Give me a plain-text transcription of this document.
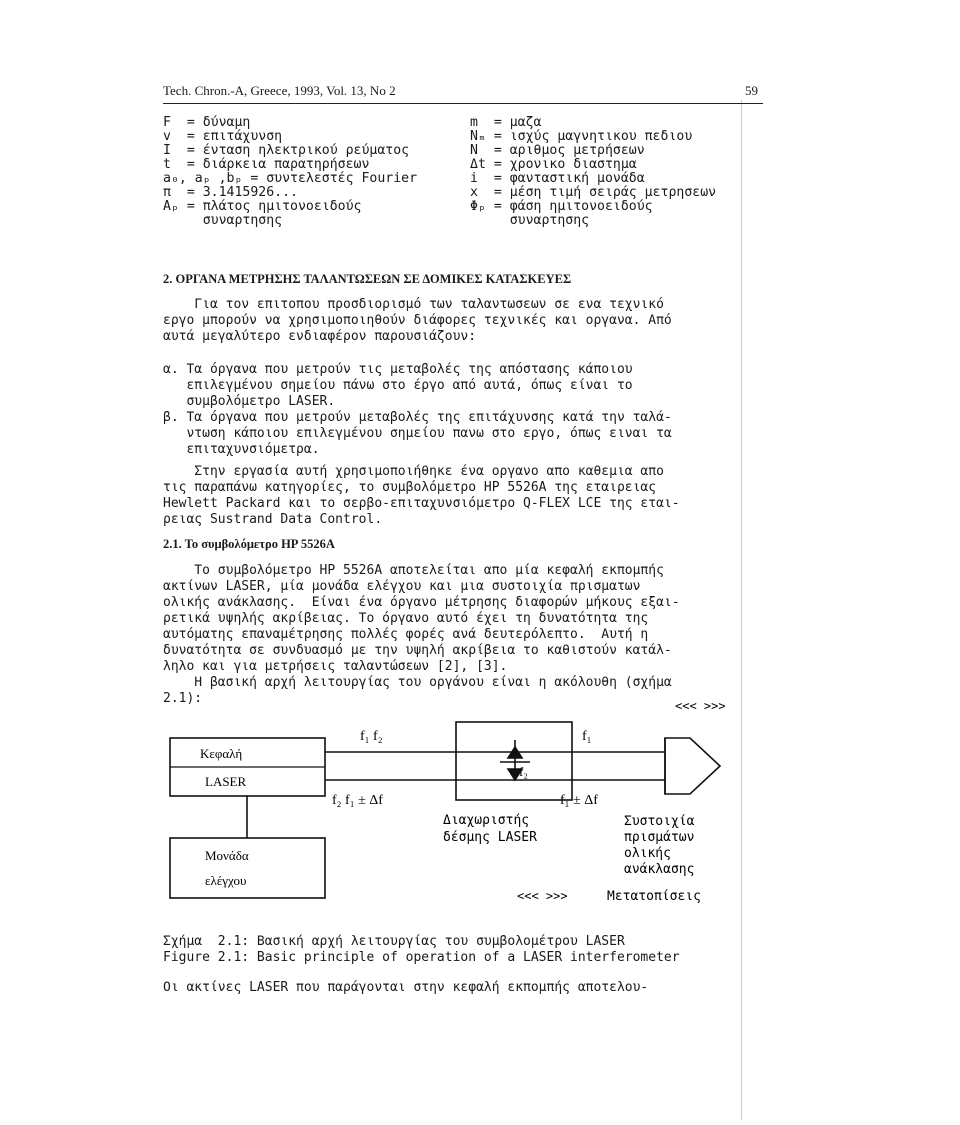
Tech. Chron.-A, Greece, 1993, Vol. 13, No 2	59
F  = δύναμη
v  = επιτάχυνση
I  = ένταση ηλεκτρικού ρεύματος
t  = διάρκεια παρατηρήσεων
a₀, aₚ ,bₚ = συντελεστές Fourier
π  = 3.1415926...
Aₚ = πλάτος ημιτονοειδούς
συναρτησης
m  = μαζα
Nₘ = ισχύς μαγνητικου πεδιου
N  = αριθμος μετρήσεων
Δt = χρονικο διαστημα
i  = φανταστική μονάδα
x  = μέση τιμή σειράς μετρησεων
Φₚ = φάση ημιτονοειδούς
συναρτησης
2. ΟΡΓΑΝΑ ΜΕΤΡΗΣΗΣ ΤΑΛΑΝΤΩΣΕΩΝ ΣΕ ΔΟΜΙΚΕΣ ΚΑΤΑΣΚΕΥΕΣ
Για τον επιτοπου προσδιορισμό των ταλαντωσεων σε ενα τεχνικό
εργο μπορούν να χρησιμοποιηθούν διάφορες τεχνικές και οργανα. Από
αυτά μεγαλύτερο ενδιαφέρον παρουσιάζουν:
α. Τα όργανα που μετρούν τις μεταβολές της απόστασης κάποιου
επιλεγμένου σημείου πάνω στο έργο από αυτά, όπως είναι το
συμβολόμετρο LASER.
β. Τα όργανα που μετρούν μεταβολές της επιτάχυνσης κατά την ταλά-
ντωση κάποιου επιλεγμένου σημείου πανω στο εργο, όπως ειναι τα
επιταχυνσιόμετρα.
Στην εργασία αυτή χρησιμοποιήθηκε ένα οργανο απο καθεμια απο
τις παραπάνω κατηγορίες, το συμβολόμετρο HP 5526A της εταιρειας
Hewlett Packard και το σερβο-επιταχυνσιόμετρο Q-FLEX LCE της εται-
ρειας Sustrand Data Control.
2.1. Το συμβολόμετρο HP 5526A
Το συμβολόμετρο HP 5526A αποτελείται απο μία κεφαλή εκπομπής
ακτίνων LASER, μία μονάδα ελέγχου και μια συστοιχία πρισματων
ολικής ανάκλασης.  Είναι ένα όργανο μέτρησης διαφορών μήκους εξαι-
ρετικά υψηλής ακρίβειας. Το όργανο αυτό έχει τη δυνατότητα της
αυτόματης επαναμέτρησης πολλές φορές ανά δευτερόλεπτο.  Αυτή η
δυνατότητα σε συνδυασμό με την υψηλή ακρίβεια το καθιστούν κατάλ-
ληλο και για μετρήσεις ταλαντώσεων [2], [3].
Η βασική αρχή λειτουργίας του οργάνου είναι η ακόλουθη (σχήμα
2.1):
f₁ f₂
f₂ f₁ ± Δf
f₂
f₁
f₁ ± Δf
Κεφαλή
LASER
Μονάδα
ελέγχου
Διαχωριστής
δέσμης LASER
Συστοιχία
πρισμάτων
ολικής
ανάκλασης
<<< >>>
<<< >>>	Μετατοπίσεις
Σχήμα  2.1: Βασική αρχή λειτουργίας του συμβολομέτρου LASER
Figure 2.1: Basic principle of operation of a LASER interferometer
Οι ακτίνες LASER που παράγονται στην κεφαλή εκπομπής αποτελου-
